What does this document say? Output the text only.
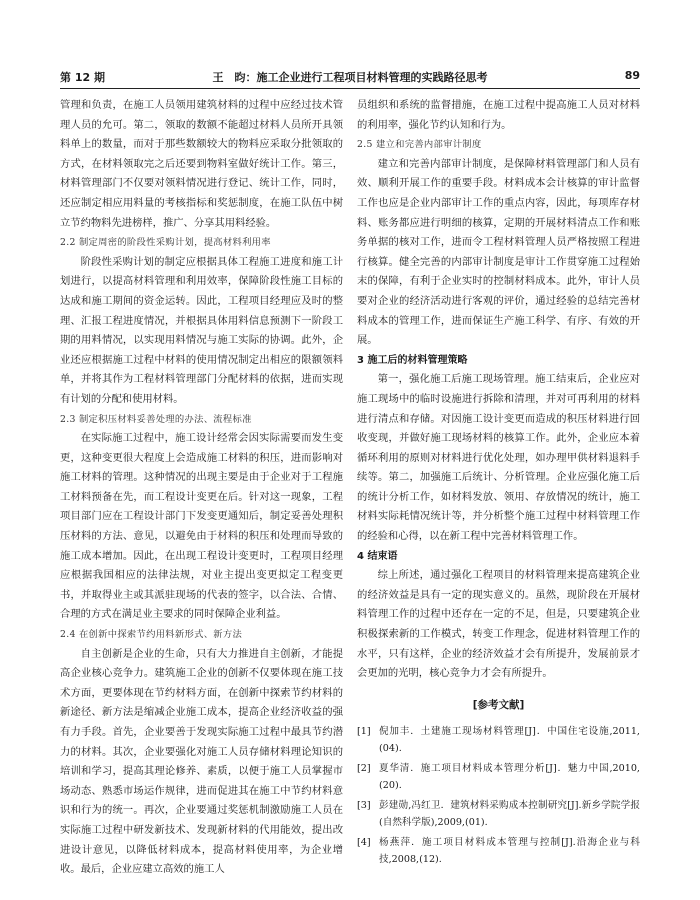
第 12 期	王　昀：施工企业进行工程项目材料管理的实践路径思考	89

管理和负责，在施工人员领用建筑材料的过程中应经过技术管理人员的允可。第二，领取的数额不能超过材料人员所开具领料单上的数量，而对于那些数额较大的物料应采取分批领取的方式，在材料领取完之后还要到物料室做好统计工作。第三，材料管理部门不仅要对领料情况进行登记、统计工作，同时，还应制定相应用料量的考核指标和奖惩制度，在施工队伍中树立节约物料先进榜样，推广、分享其用料经验。

2.2 制定周密的阶段性采购计划，提高材料利用率

阶段性采购计划的制定应根据具体工程施工进度和施工计划进行，以提高材料管理和利用效率，保障阶段性施工目标的达成和施工期间的资金运转。因此，工程项目经理应及时的整理、汇报工程进度情况，并根据具体用料信息预测下一阶段工期的用料情况，以实现用料情况与施工实际的协调。此外，企业还应根据施工过程中材料的使用情况制定出相应的限额领料单，并将其作为工程材料管理部门分配材料的依据，进而实现有计划的分配和使用材料。

2.3 制定积压材料妥善处理的办法、流程标准

在实际施工过程中，施工设计经常会因实际需要而发生变更，这种变更很大程度上会造成施工材料的积压，进而影响对施工材料的管理。这种情况的出现主要是由于企业对于工程施工材料预备在先，而工程设计变更在后。针对这一现象，工程项目部门应在工程设计部门下发变更通知后，制定妥善处理积压材料的方法、意见，以避免由于材料的积压和处理而导致的施工成本增加。因此，在出现工程设计变更时，工程项目经理应根据我国相应的法律法规，对业主提出变更拟定工程变更书，并取得业主或其派驻现场的代表的签字，以合法、合情、合理的方式在满足业主要求的同时保障企业利益。

2.4 在创新中探索节约用料新形式、新方法

自主创新是企业的生命，只有大力推进自主创新，才能提高企业核心竞争力。建筑施工企业的创新不仅要体现在施工技术方面，更要体现在节约材料方面，在创新中探索节约材料的新途径、新方法是缩减企业施工成本，提高企业经济收益的强有力手段。首先，企业要善于发现实际施工过程中最具节约潜力的材料。其次，企业要强化对施工人员存储材料理论知识的培训和学习，提高其理论修养、素质，以便于施工人员掌握市场动态、熟悉市场运作规律，进而促进其在施工中节约材料意识和行为的统一。再次，企业要通过奖惩机制激励施工人员在实际施工过程中研发新技术、发现新材料的代用能效，提出改进设计意见，以降低材料成本，提高材料使用率，为企业增收。最后，企业应建立高效的施工人

员组织和系统的监督措施，在施工过程中提高施工人员对材料的利用率，强化节约认知和行为。

2.5 建立和完善内部审计制度

建立和完善内部审计制度，是保障材料管理部门和人员有效、顺利开展工作的重要手段。材料成本会计核算的审计监督工作也应是企业内部审计工作的重点内容，因此，每项库存材料、账务都应进行明细的核算，定期的开展材料清点工作和账务单据的核对工作，进而令工程材料管理人员严格按照工程进行核算。健全完善的内部审计制度是审计工作贯穿施工过程始末的保障，有利于企业实时的控制材料成本。此外，审计人员要对企业的经济活动进行客观的评价，通过经验的总结完善材料成本的管理工作，进而保证生产施工科学、有序、有效的开展。

3 施工后的材料管理策略

第一，强化施工后施工现场管理。施工结束后，企业应对施工现场中的临时设施进行拆除和清理，并对可再利用的材料进行清点和存储。对因施工设计变更而造成的积压材料进行回收变现，并做好施工现场材料的核算工作。此外，企业应本着循环利用的原则对材料进行优化处理，如办理甲供材料退料手续等。第二，加强施工后统计、分析管理。企业应强化施工后的统计分析工作，如材料发放、领用、存放情况的统计，施工材料实际耗情况统计等，并分析整个施工过程中材料管理工作的经验和心得，以在新工程中完善材料管理工作。

4 结束语

综上所述，通过强化工程项目的材料管理来提高建筑企业的经济效益是具有一定的现实意义的。虽然，现阶段在开展材料管理工作的过程中还存在一定的不足，但是，只要建筑企业积极探索新的工作模式，转变工作理念，促进材料管理工作的水平，只有这样，企业的经济效益才会有所提升，发展前景才会更加的光明，核心竞争力才会有所提升。

[参考文献]
[1] 倪加丰．土建施工现场材料管理[J]．中国住宅设施,2011,(04).
[2] 夏华清．施工项目材料成本管理分析[J]．魅力中国,2010,(20).
[3] 彭建勋,冯红卫．建筑材料采购成本控制研究[J].新乡学院学报(自然科学版),2009,(01).
[4] 杨燕萍．施工项目材料成本管理与控制[J].沿海企业与科技,2008,(12).
